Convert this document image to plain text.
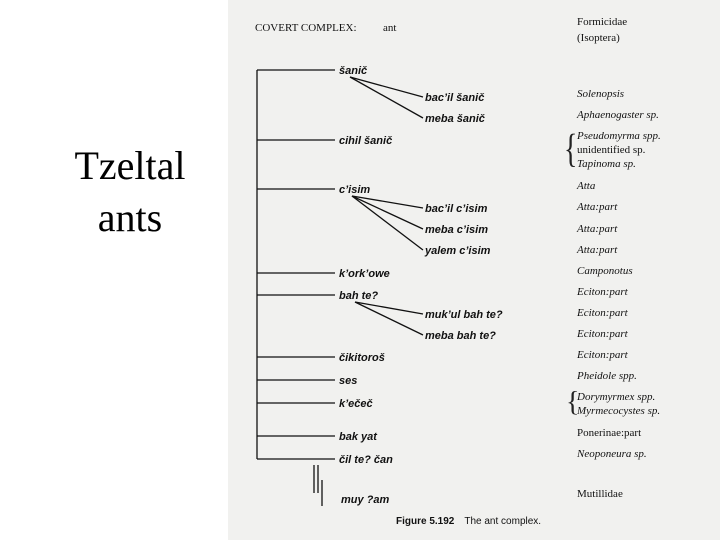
Tzeltal
ants
COVERT COMPLEX: ant	Formicidae
(Isoptera)
šanič
bac’il šanič
meba šanič
cihil šanič
c’isim
bac’il c’isim
meba c’isim
yalem c’isim
k’ork’owe
bah te?
muk’ul bah te?
meba bah te?
čikitoroš
ses
k’ečeč
bak yat
čil te? čan
muy ?am
{
{
Solenopsis
Aphaenogaster sp.
Pseudomyrma spp.
unidentified sp.
Tapinoma sp.
Atta
Atta:part
Atta:part
Atta:part
Camponotus
Eciton:part
Eciton:part
Eciton:part
Eciton:part
Pheidole spp.
Dorymyrmex spp.
Myrmecocystes sp.
Ponerinae:part
Neoponeura sp.
Mutillidae
Figure 5.192 The ant complex.
